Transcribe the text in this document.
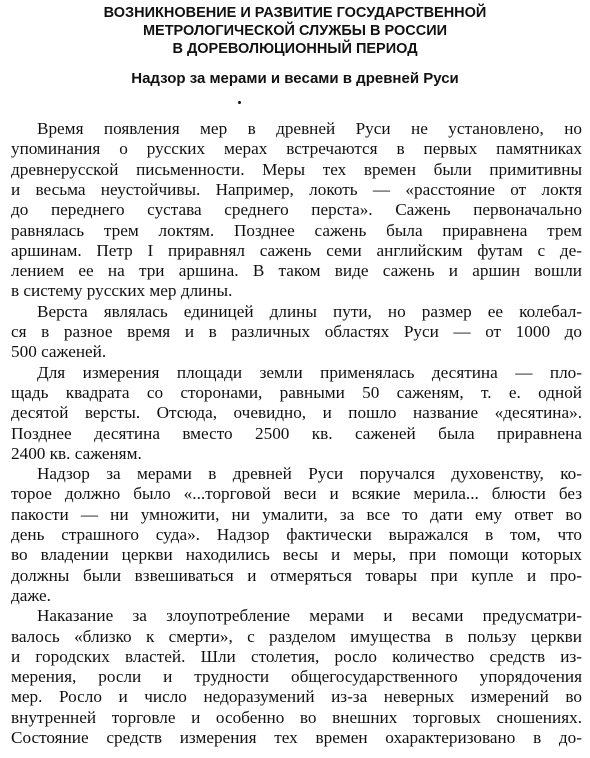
ВОЗНИКНОВЕНИЕ И РАЗВИТИЕ ГОСУДАРСТВЕННОЙ
МЕТРОЛОГИЧЕСКОЙ СЛУЖБЫ В РОССИИ
В ДОРЕВОЛЮЦИОННЫЙ ПЕРИОД
Надзор за мерами и весами в древней Руси
Время появления мер в древней Руси не установлено, но
упоминания о русских мерах встречаются в первых памятниках
древнерусской письменности. Меры тех времен были примитивны
и весьма неустойчивы. Например, локоть — «расстояние от локтя
до переднего сустава среднего перста». Сажень первоначально
равнялась трем локтям. Позднее сажень была приравнена трем
аршинам. Петр I приравнял сажень семи английским футам с де-
лением ее на три аршина. В таком виде сажень и аршин вошли
в систему русских мер длины.
Верста являлась единицей длины пути, но размер ее колебал-
ся в разное время и в различных областях Руси — от 1000 до
500 саженей.
Для измерения площади земли применялась десятина — пло-
щадь квадрата со сторонами, равными 50 саженям, т. е. одной
десятой версты. Отсюда, очевидно, и пошло название «десятина».
Позднее десятина вместо 2500 кв. саженей была приравнена
2400 кв. саженям.
Надзор за мерами в древней Руси поручался духовенству, ко-
торое должно было «...торговой веси и всякие мерила... блюсти без
пакости — ни умножити, ни умалити, за все то дати ему ответ во
день страшного суда». Надзор фактически выражался в том, что
во владении церкви находились весы и меры, при помощи которых
должны были взвешиваться и отмеряться товары при купле и про-
даже.
Наказание за злоупотребление мерами и весами предусматри-
валось «близко к смерти», с разделом имущества в пользу церкви
и городских властей. Шли столетия, росло количество средств из-
мерения, росли и трудности общегосударственного упорядочения
мер. Росло и число недоразумений из-за неверных измерений во
внутренней торговле и особенно во внешних торговых сношениях.
Состояние средств измерения тех времен охарактеризовано в до-
